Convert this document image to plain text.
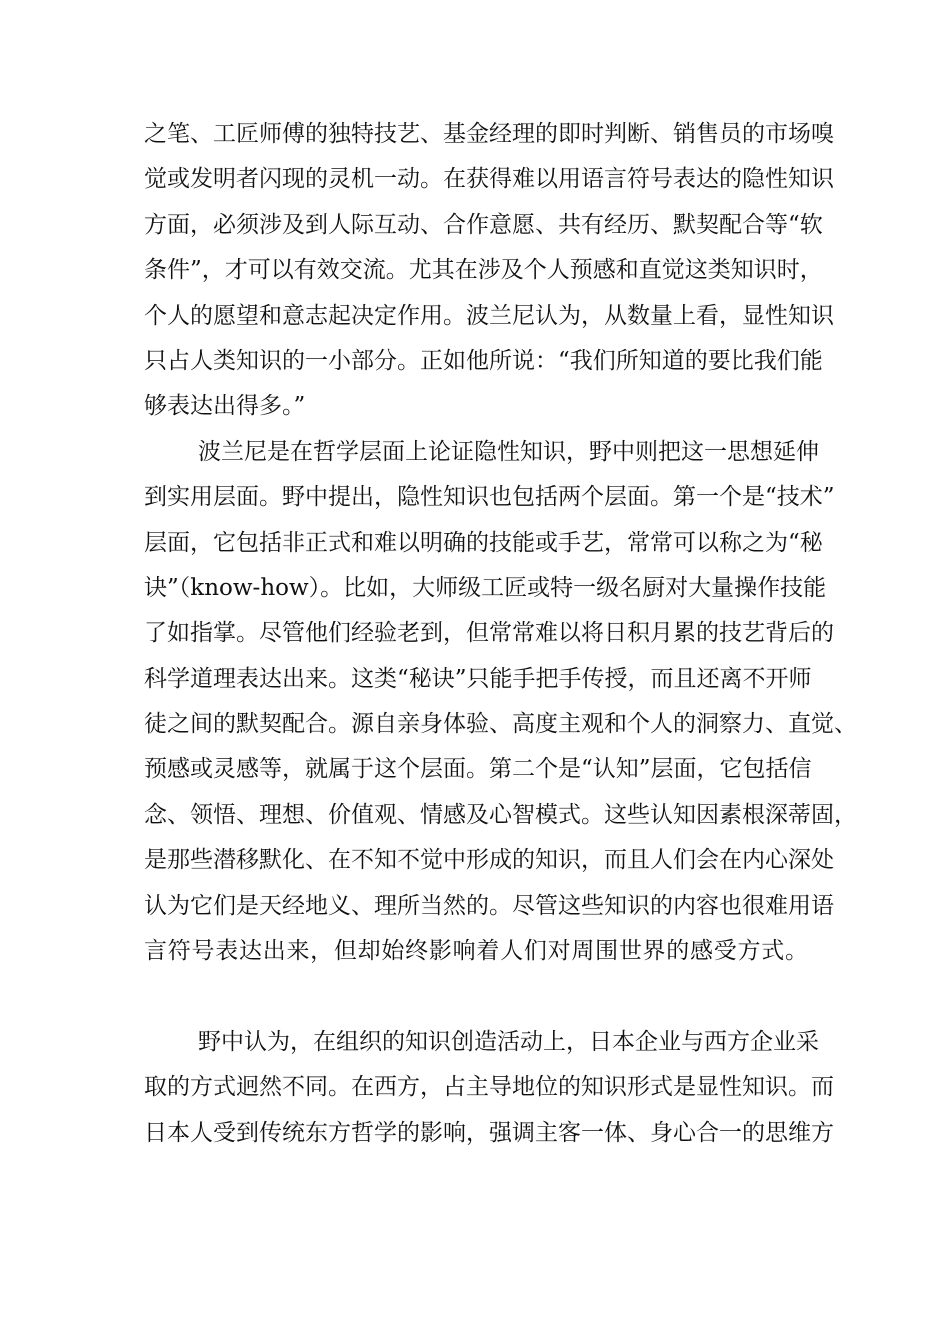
之笔、工匠师傅的独特技艺、基金经理的即时判断、销售员的市场嗅
觉或发明者闪现的灵机一动。在获得难以用语言符号表达的隐性知识
方面，必须涉及到人际互动、合作意愿、共有经历、默契配合等“软
条件”，才可以有效交流。尤其在涉及个人预感和直觉这类知识时，
个人的愿望和意志起决定作用。波兰尼认为，从数量上看，显性知识
只占人类知识的一小部分。正如他所说：“我们所知道的要比我们能
够表达出得多。”
波兰尼是在哲学层面上论证隐性知识，野中则把这一思想延伸
到实用层面。野中提出，隐性知识也包括两个层面。第一个是“技术”
层面，它包括非正式和难以明确的技能或手艺，常常可以称之为“秘
诀”（know-how）。比如，大师级工匠或特一级名厨对大量操作技能
了如指掌。尽管他们经验老到，但常常难以将日积月累的技艺背后的
科学道理表达出来。这类“秘诀”只能手把手传授，而且还离不开师
徒之间的默契配合。源自亲身体验、高度主观和个人的洞察力、直觉、
预感或灵感等，就属于这个层面。第二个是“认知”层面，它包括信
念、领悟、理想、价值观、情感及心智模式。这些认知因素根深蒂固，
是那些潜移默化、在不知不觉中形成的知识，而且人们会在内心深处
认为它们是天经地义、理所当然的。尽管这些知识的内容也很难用语
言符号表达出来，但却始终影响着人们对周围世界的感受方式。
野中认为，在组织的知识创造活动上，日本企业与西方企业采
取的方式迥然不同。在西方，占主导地位的知识形式是显性知识。而
日本人受到传统东方哲学的影响，强调主客一体、身心合一的思维方
